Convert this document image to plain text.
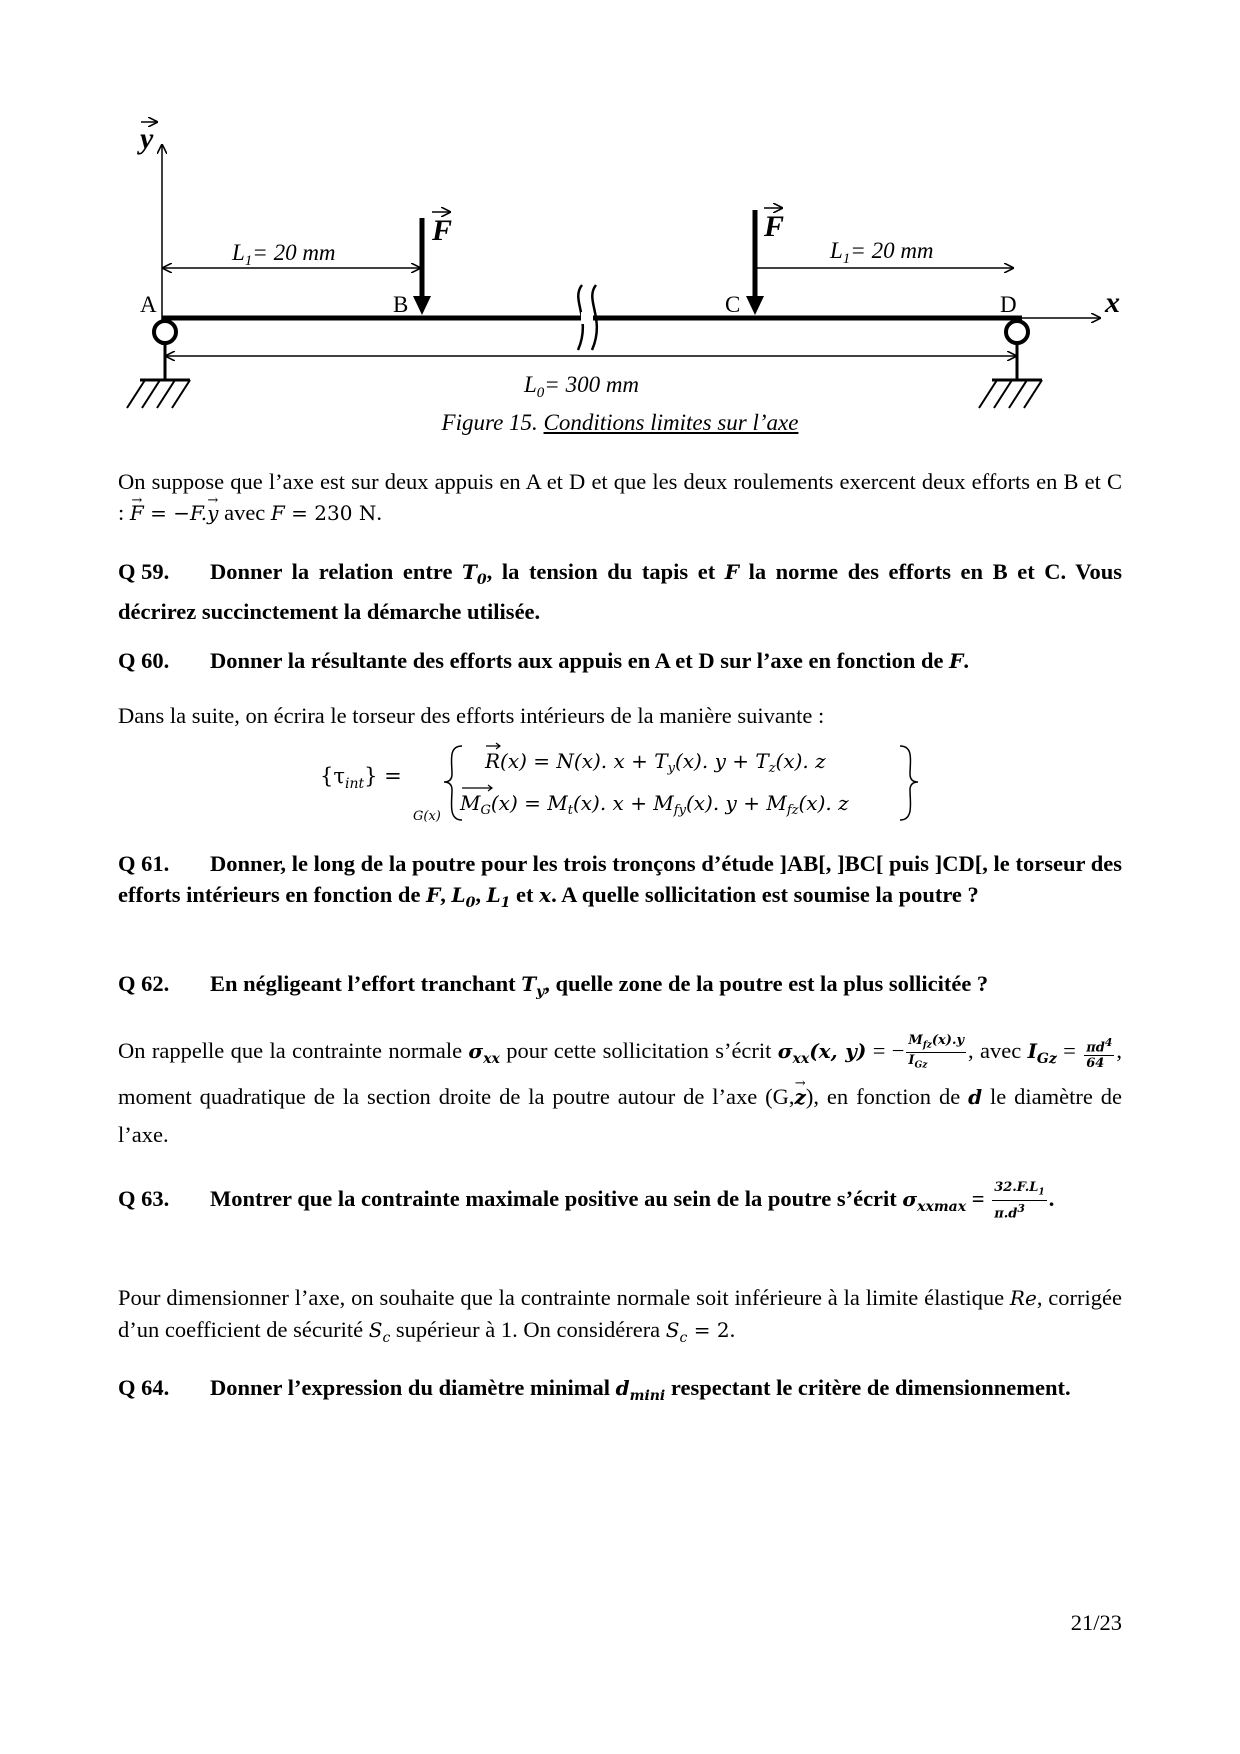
y
x
F	F
A	B	C	D
$L_1= 20$ mm	$L_1= 20$ mm
$L_0= 300$ mm
Figure 15. Conditions limites sur l’axe
On suppose que l’axe est sur deux appuis en A et D et que les deux roulements exercent deux efforts en B et C : → F = −F.→ y avec F = 230 N.
Q 59. Donner la relation entre $T_0$, la tension du tapis et F la norme des efforts en B et C. Vous décrirez succinctement la démarche utilisée.
Q 60. Donner la résultante des efforts aux appuis en A et D sur l’axe en fonction de F.
Dans la suite, on écrira le torseur des efforts intérieurs de la manière suivante :
$\{\tau_{int}\}$ =
G(x)
R(x) = N(x). $x + T_y(x)$. $y + T_z(x)$. z
$M_G(x) = M_t(x)$. $x + M_{fy}(x)$. $y + M_{fz}(x)$. z
Q 61. Donner, le long de la poutre pour les trois tronçons d’étude ]AB[, ]BC[ puis ]CD[, le torseur des efforts intérieurs en fonction de F, $L_0$, $L_1$ et x. A quelle sollicitation est soumise la poutre ?
Q 62. En négligeant l’effort tranchant $T_y$, quelle zone de la poutre est la plus sollicitée ?
On rappelle que la contrainte normale $\sigma_{xx}$ pour cette sollicitation s’écrit $\sigma_{xx}(x$, y) = − $\frac{M_{fz}(x).y}{I_{Gz}}$ , avec $I_{Gz} = \frac{\pi d^4}{64}$ , moment quadratique de la section droite de la poutre autour de l’axe (G,→ z), en fonction de d le diamètre de l’axe.
Q 63. Montrer que la contrainte maximale positive au sein de la poutre s’écrit $\sigma_{xxmax} = \frac{32.F.L_1}{\pi.d^3}$ .
Pour dimensionner l’axe, on souhaite que la contrainte normale soit inférieure à la limite élastique Re, corrigée d’un coefficient de sécurité $S_c$ supérieur à 1. On considérera $S_c = 2$.
Q 64. Donner l’expression du diamètre minimal $d_{mini}$ respectant le critère de dimensionnement.
21/23
